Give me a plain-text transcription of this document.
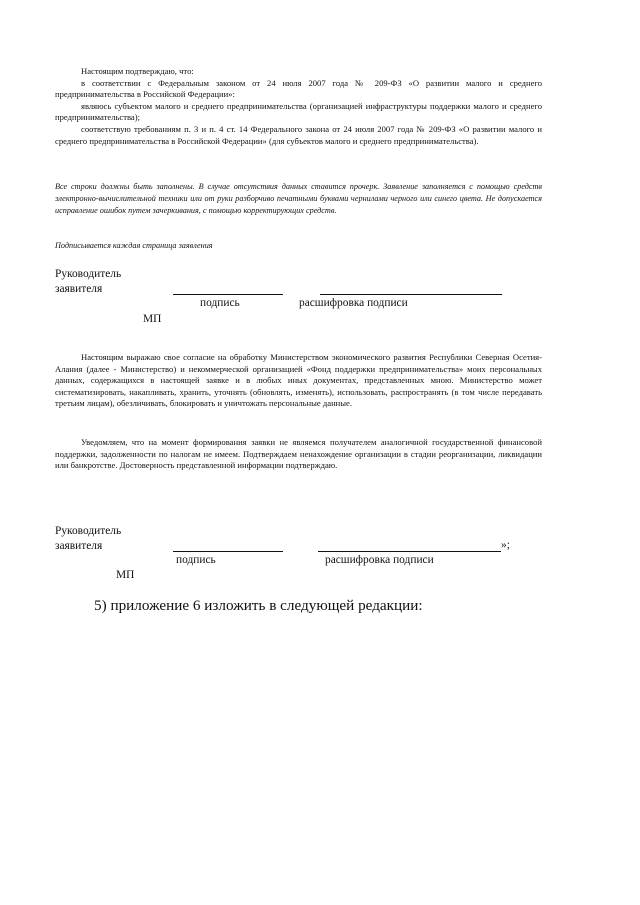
Настоящим подтверждаю, что:

в соответствии с Федеральным законом от 24 июля 2007 года № 209-ФЗ «О развитии малого и среднего предпринимательства в Российской Федерации»:

являюсь субъектом малого и среднего предпринимательства (организацией инфраструктуры поддержки малого и среднего предпринимательства);

соответствую требованиям п. 3 и п. 4 ст. 14 Федерального закона от 24 июля 2007 года № 209-ФЗ «О развитии малого и среднего предпринимательства в Российской Федерации» (для субъектов малого и среднего предпринимательства).

Все строки должны быть заполнены. В случае отсутствия данных ставится прочерк. Заявление заполняется с помощью средств электронно-вычислительной техники или от руки разборчиво печатными буквами чернилами черного или синего цвета. Не допускается исправление ошибок путем зачеркивания, с помощью корректирующих средств.

Подписывается каждая страница заявления

Руководитель
заявителя
подпись	расшифровка подписи
МП

Настоящим выражаю свое согласие на обработку Министерством экономического развития Республики Северная Осетия-Алания (далее - Министерство) и некоммерческой организацией «Фонд поддержки предпринимательства» моих персональных данных, содержащихся в настоящей заявке и в любых иных документах, представленных мною. Министерство может систематизировать, накапливать, хранить, уточнять (обновлять, изменять), использовать, распространять (в том числе передавать третьим лицам), обезличивать, блокировать и уничтожать персональные данные.

Уведомляем, что на момент формирования заявки не являемся получателем аналогичной государственной финансовой поддержки, задолженности по налогам не имеем. Подтверждаем ненахождение организации в стадии реорганизации, ликвидации или банкротстве. Достоверность представленной информации подтверждаю.

Руководитель
заявителя	»;
подпись	расшифровка подписи
МП
5) приложение 6 изложить в следующей редакции:
